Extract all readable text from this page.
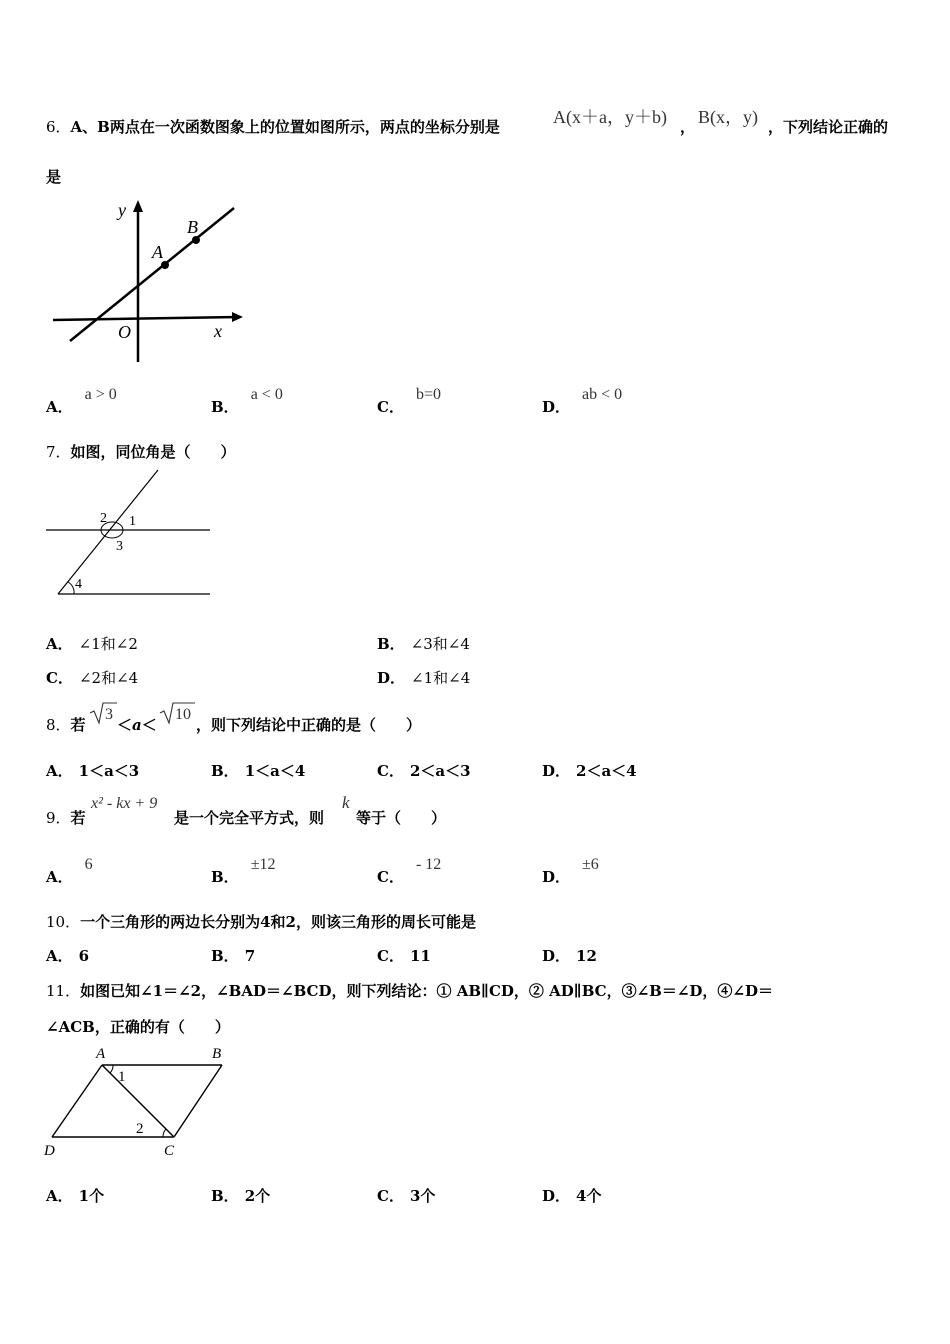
6．A、B两点在一次函数图象上的位置如图所示，两点的坐标分别是	A(x＋a，y＋b) ， B(x，y) ，下列结论正确的
是
y
x
O
A
B
A．a > 0
B．a < 0
C．b=0
D．ab < 0
7．如图，同位角是（　　）
2 1
3
4
A． ∠1和∠2	B． ∠3和∠4
C． ∠2和∠4	D． ∠1和∠4
8．若
3
＜a＜
10
，则下列结论中正确的是（　　）
A． 1＜a＜3	B． 1＜a＜4	C． 2＜a＜3	D． 2＜a＜4
9．若
x² - kx + 9
是一个完全平方式，则
k
等于（　　）
A．6
B．±12
C．- 12
D．±6
10．一个三角形的两边长分别为4和2，则该三角形的周长可能是
A． 6	B． 7	C． 11	D． 12
11．如图已知∠1＝∠2，∠BAD＝∠BCD，则下列结论：① AB∥CD，② AD∥BC，③∠B＝∠D，④∠D＝
∠ACB，正确的有（　　）
A	B
C
D
1
2
A． 1个	B． 2个	C． 3个	D． 4个
